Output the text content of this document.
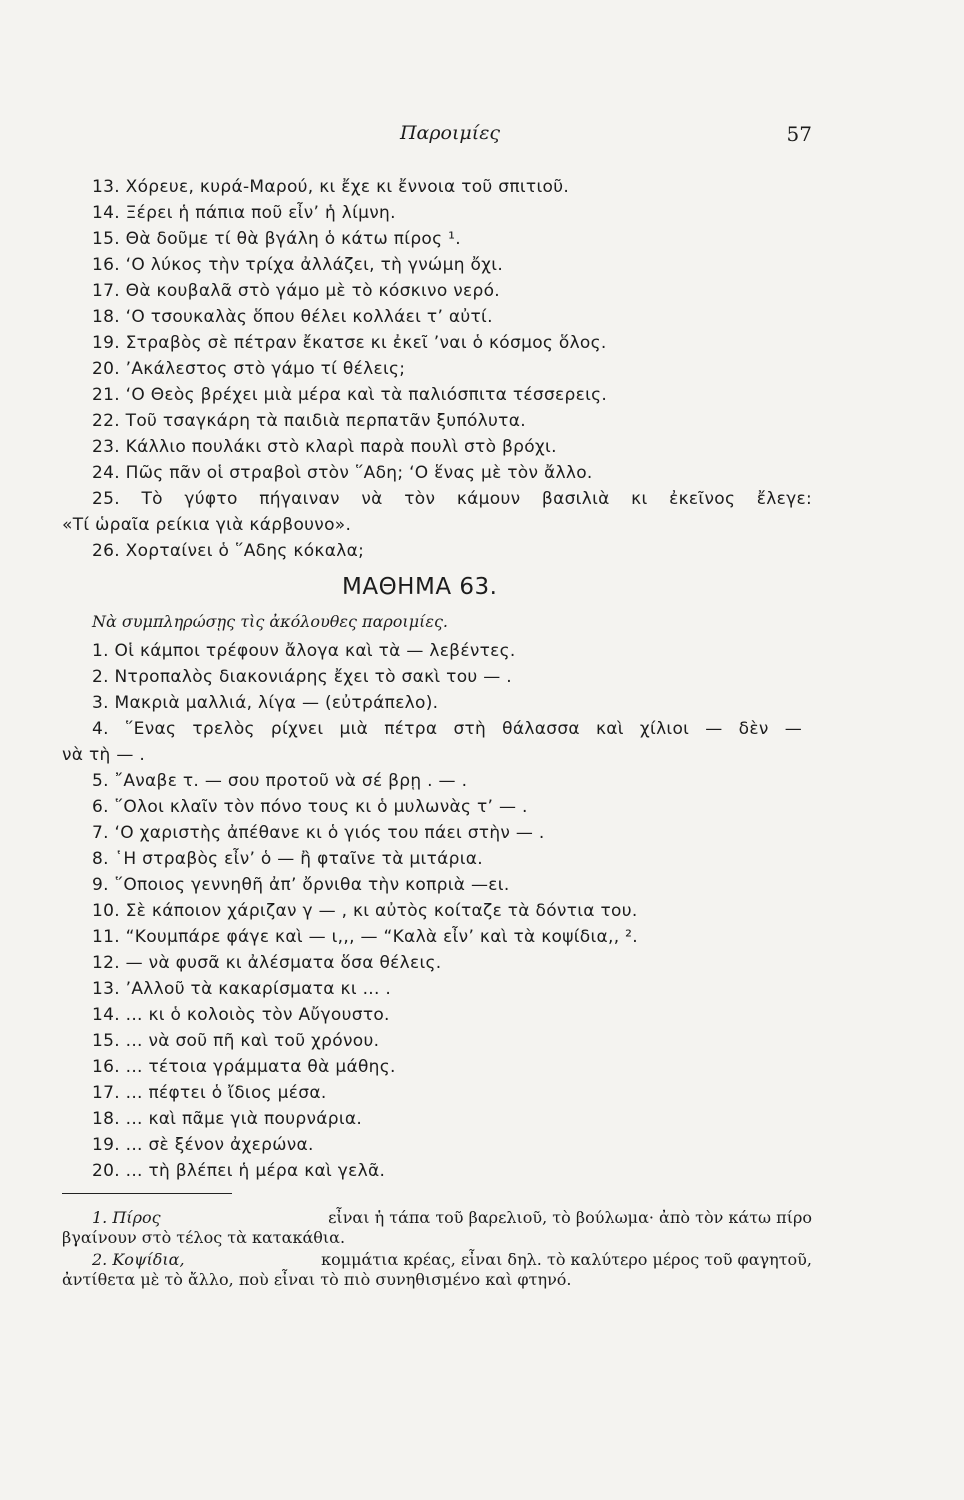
Παροιμίες	57
13. Χόρευε, κυρά-Μαρού, κι ἔχε κι ἔννοια τοῦ σπιτιοῦ.
14. Ξέρει ἡ πάπια ποῦ εἶν’ ἡ λίμνη.
15. Θὰ δοῦμε τί θὰ βγάλη ὁ κάτω πίρος ¹.
16. ‘Ο λύκος τὴν τρίχα ἀλλάζει, τὴ γνώμη ὄχι.
17. Θὰ κουβαλᾶ στὸ γάμο μὲ τὸ κόσκινο νερό.
18. ‘Ο τσουκαλὰς ὅπου θέλει κολλάει τ’ αὐτί.
19. Στραβὸς σὲ πέτραν ἔκατσε κι ἐκεῖ ’ναι ὁ κόσμος ὅλος.
20. ’Ακάλεστος στὸ γάμο τί θέλεις;
21. ‘Ο Θεὸς βρέχει μιὰ μέρα καὶ τὰ παλιόσπιτα τέσσερεις.
22. Τοῦ τσαγκάρη τὰ παιδιὰ περπατᾶν ξυπόλυτα.
23. Κάλλιο πουλάκι στὸ κλαρὶ παρὰ πουλὶ στὸ βρόχι.
24. Πῶς πᾶν οἱ στραβοὶ στὸν ῞Αδη; ‘Ο ἕνας μὲ τὸν ἄλλο.
25. Τὸ γύφτο πήγαιναν νὰ τὸν κάμουν βασιλιὰ κι ἐκεῖνος ἔλεγε:
«Τί ὡραῖα ρείκια γιὰ κάρβουνο».
26. Χορταίνει ὁ ῞Αδης κόκαλα;
ΜΑΘΗΜΑ 63.
Νὰ συμπληρώσῃς τὶς ἀκόλουθες παροιμίες.
1. Οἱ κάμποι τρέφουν ἄλογα καὶ τὰ — λεβέντες.
2. Ντροπαλὸς διακονιάρης ἔχει τὸ σακὶ του — .
3. Μακριὰ μαλλιά, λίγα — (εὐτράπελο).
4. ῞Ενας τρελὸς ρίχνει μιὰ πέτρα στὴ θάλασσα καὶ χίλιοι — δὲν —
νὰ τὴ — .
5. ῎Αναβε τ. — σου προτοῦ νὰ σέ βρῃ . — .
6. ῞Ολοι κλαῖν τὸν πόνο τους κι ὁ μυλωνὰς τ’ — .
7. ‘Ο χαριστὴς ἀπέθανε κι ὁ γιός του πάει στὴν — .
8. ῾Η στραβὸς εἶν’ ὁ — ἢ φταῖνε τὰ μιτάρια.
9. ῞Οποιος γεννηθῆ ἀπ’ ὄρνιθα τὴν κοπριὰ —ει.
10. Σὲ κάποιον χάριζαν γ — , κι αὐτὸς κοίταζε τὰ δόντια του.
11. “Κουμπάρε φάγε καὶ — ι,,, — “Καλὰ εἶν’ καὶ τὰ κοψίδια,, ².
12. — νὰ φυσᾶ κι ἀλέσματα ὅσα θέλεις.
13. ’Αλλοῦ τὰ κακαρίσματα κι ... .
14. ... κι ὁ κολοιὸς τὸν Αὔγουστο.
15. ... νὰ σοῦ πῆ καὶ τοῦ χρόνου.
16. ... τέτοια γράμματα θὰ μάθης.
17. ... πέφτει ὁ ἴδιος μέσα.
18. ... καὶ πᾶμε γιὰ πουρνάρια.
19. ... σὲ ξένον ἀχερώνα.
20. ... τὴ βλέπει ἡ μέρα καὶ γελᾶ.
1. Πίρος	εἶναι ἡ τάπα τοῦ βαρελιοῦ, τὸ βούλωμα· ἀπὸ τὸν κάτω πίρο
βγαίνουν στὸ τέλος τὰ κατακάθια.
2. Κοψίδια,	κομμάτια κρέας, εἶναι δηλ. τὸ καλύτερο μέρος τοῦ φαγητοῦ,
ἀντίθετα μὲ τὸ ἄλλο, ποὺ εἶναι τὸ πιὸ συνηθισμένο καὶ φτηνό.
